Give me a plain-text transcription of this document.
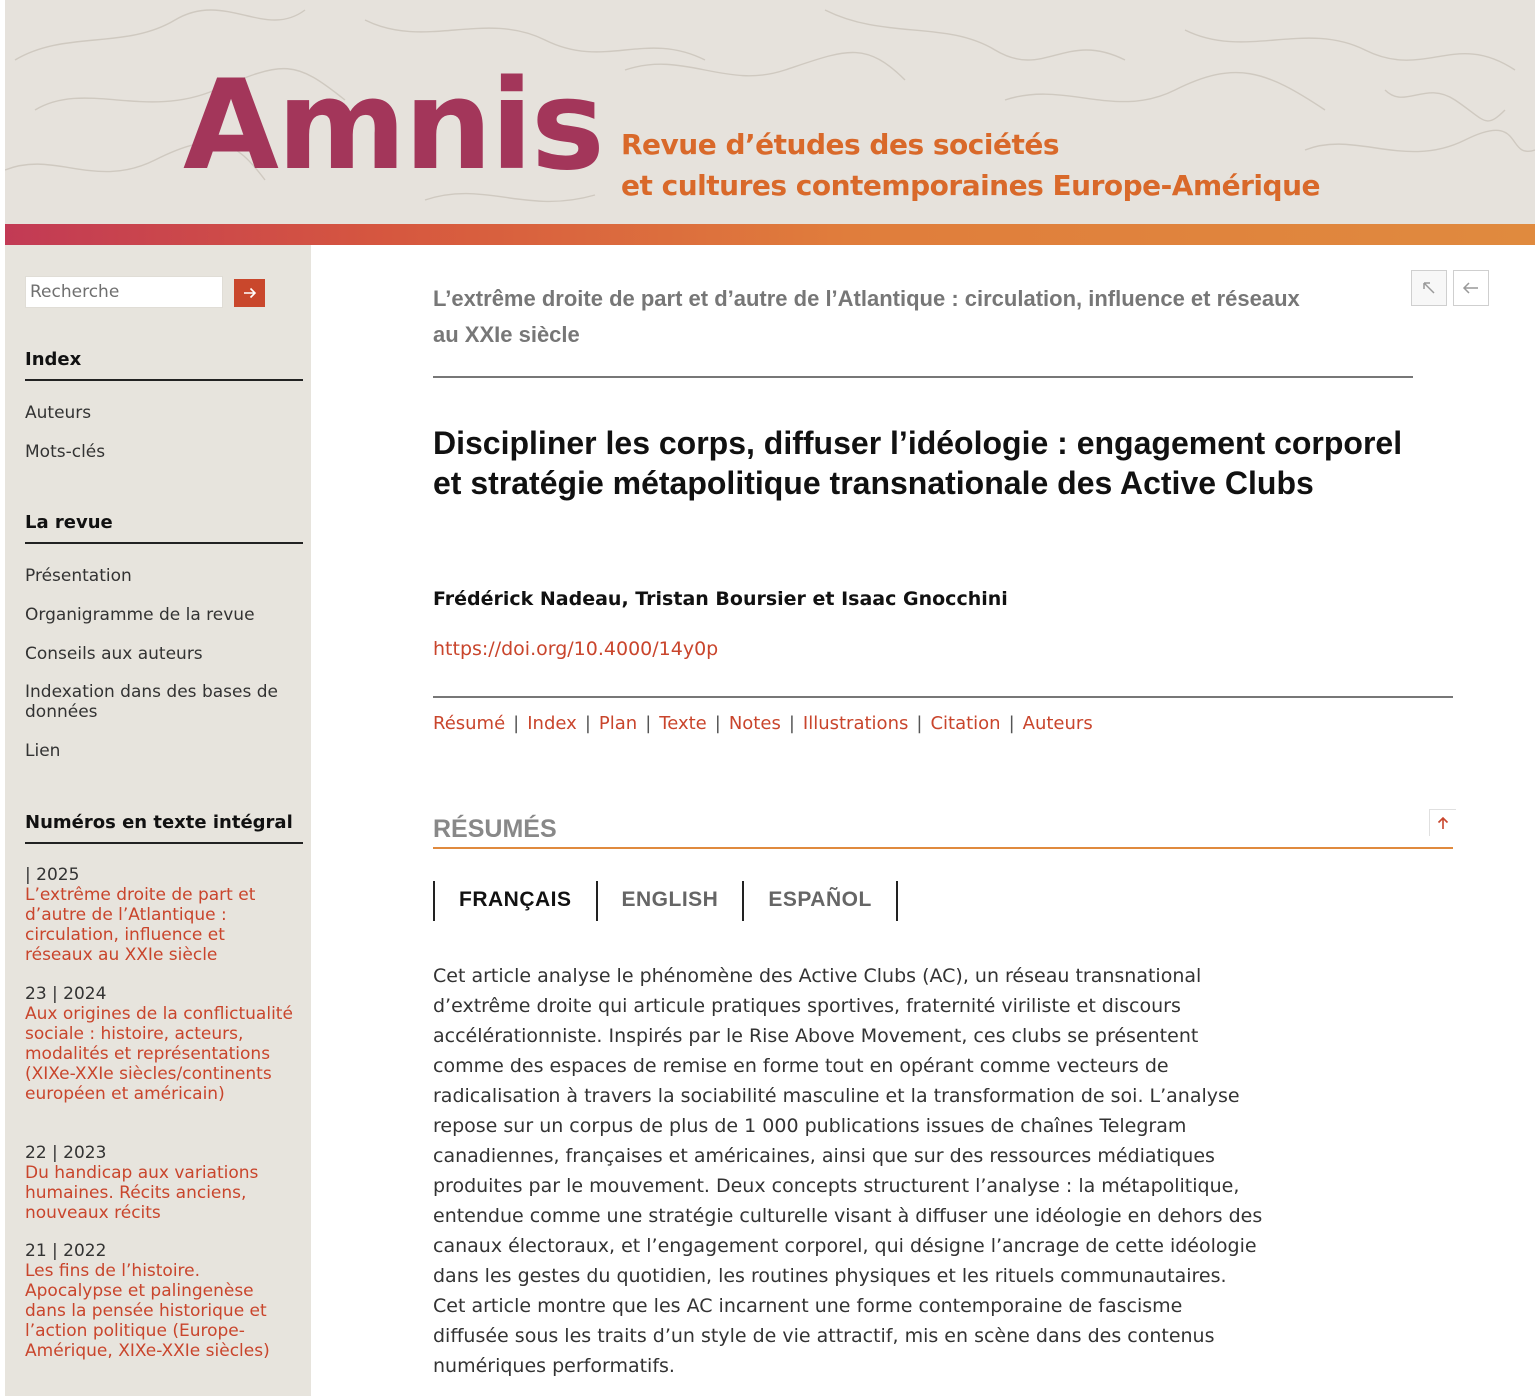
Amnis Revue d’études des sociétés
et cultures contemporaines Europe-Amérique
Recherche
Index
Auteurs
Mots-clés
La revue
Présentation
Organigramme de la revue
Conseils aux auteurs
Indexation dans des bases de données
Lien
Numéros en texte intégral
| 2025
L’extrême droite de part et d’autre de l’Atlantique : circulation, influence et réseaux au XXIe siècle
23 | 2024
Aux origines de la conflictualité sociale : histoire, acteurs, modalités et représentations (XIXe-XXIe siècles/continents européen et américain)
22 | 2023
Du handicap aux variations humaines. Récits anciens, nouveaux récits
21 | 2022
Les fins de l’histoire. Apocalypse et palingenèse dans la pensée historique et l’action politique (Europe-Amérique, XIXe-XXIe siècles)
L’extrême droite de part et d’autre de l’Atlantique : circulation, influence et réseaux au XXIe siècle
Discipliner les corps, diffuser l’idéologie : engagement corporel et stratégie métapolitique transnationale des Active Clubs
Frédérick Nadeau, Tristan Boursier et Isaac Gnocchini
https://doi.org/10.4000/14y0p
Résumé | Index | Plan | Texte | Notes | Illustrations | Citation | Auteurs
RÉSUMÉS
FRANÇAIS	ENGLISH	ESPAÑOL

Cet article analyse le phénomène des Active Clubs (AC), un réseau transnational d’extrême droite qui articule pratiques sportives, fraternité viriliste et discours accélérationniste. Inspirés par le Rise Above Movement, ces clubs se présentent comme des espaces de remise en forme tout en opérant comme vecteurs de radicalisation à travers la sociabilité masculine et la transformation de soi. L’analyse repose sur un corpus de plus de 1 000 publications issues de chaînes Telegram canadiennes, françaises et américaines, ainsi que sur des ressources médiatiques produites par le mouvement. Deux concepts structurent l’analyse : la métapolitique, entendue comme une stratégie culturelle visant à diffuser une idéologie en dehors des canaux électoraux, et l’engagement corporel, qui désigne l’ancrage de cette idéologie dans les gestes du quotidien, les routines physiques et les rituels communautaires. Cet article montre que les AC incarnent une forme contemporaine de fascisme diffusée sous les traits d’un style de vie attractif, mis en scène dans des contenus numériques performatifs.
